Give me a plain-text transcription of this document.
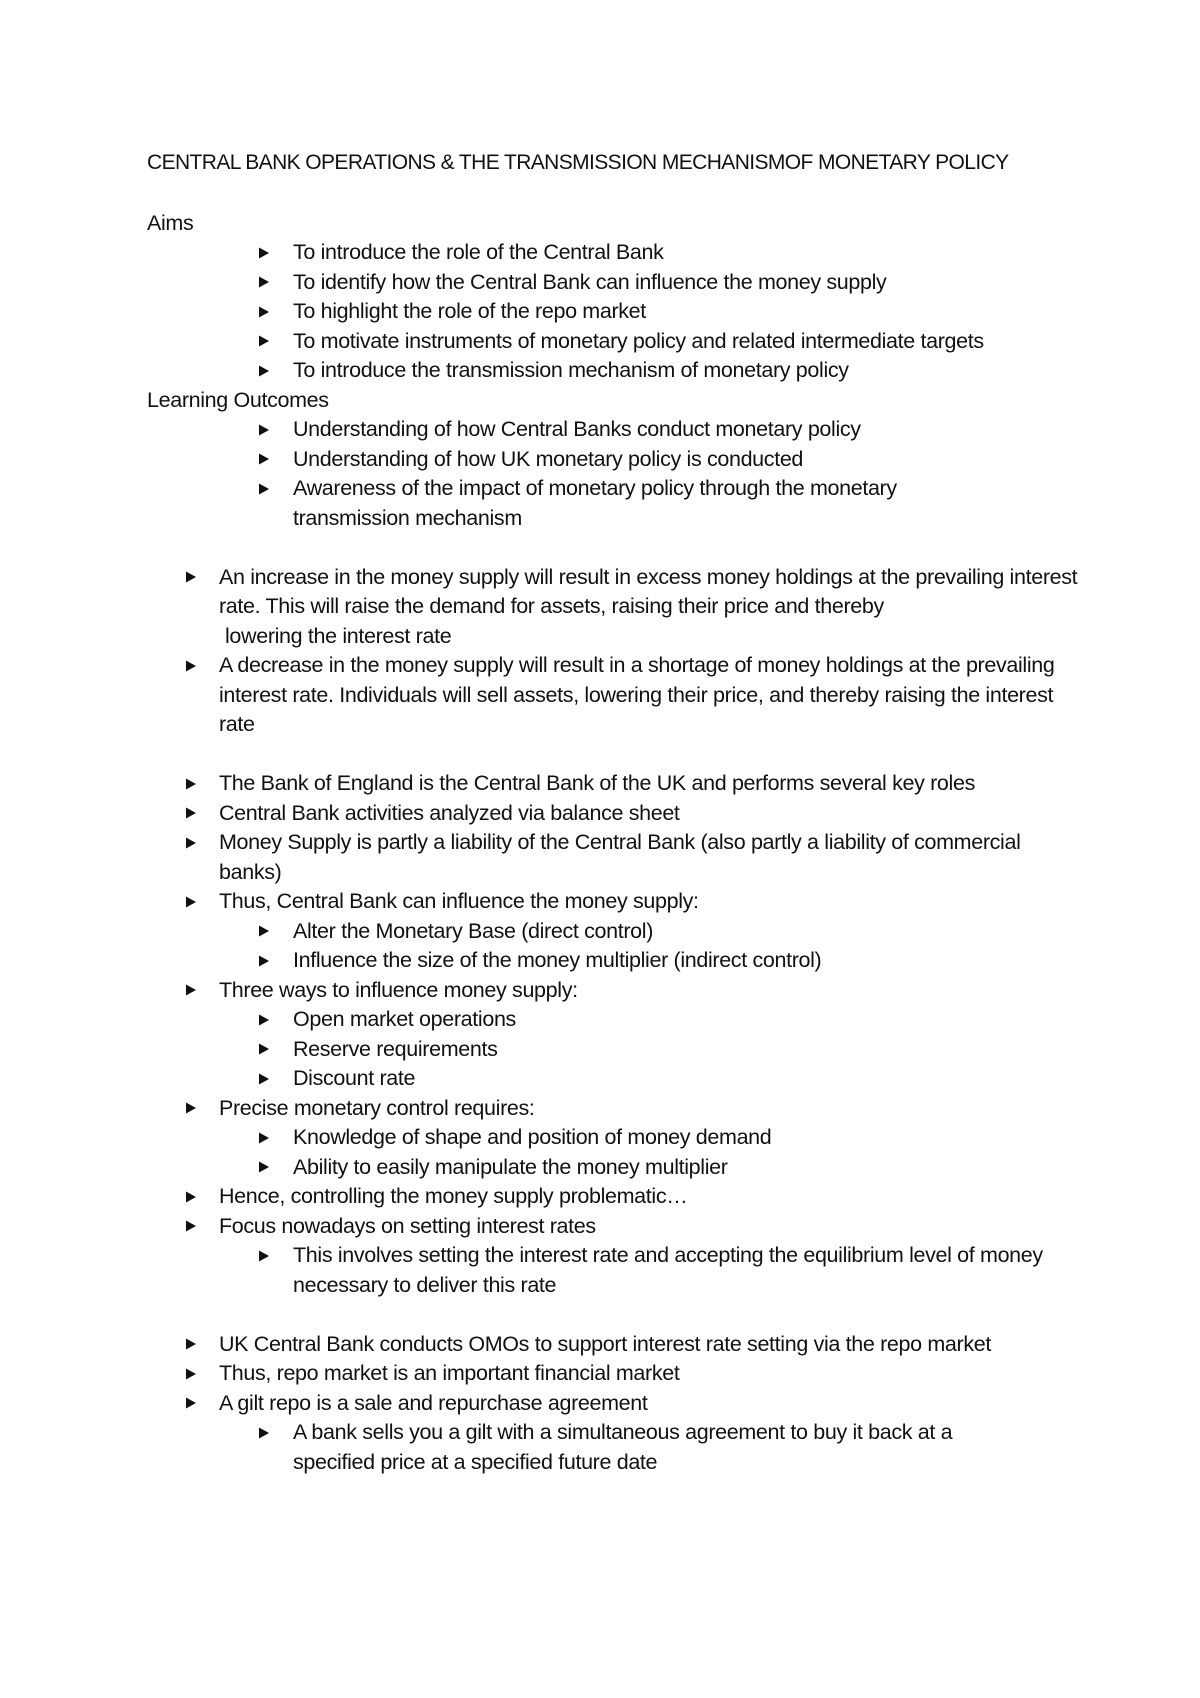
CENTRAL BANK OPERATIONS & THE TRANSMISSION MECHANISMOF MONETARY POLICY

Aims

To introduce the role of the Central Bank
To identify how the Central Bank can influence the money supply
To highlight the role of the repo market
To motivate instruments of monetary policy and related intermediate targets
To introduce the transmission mechanism of monetary policy

Learning Outcomes

Understanding of how Central Banks conduct monetary policy
Understanding of how UK monetary policy is conducted
Awareness of the impact of monetary policy through the monetary transmission mechanism
An increase in the money supply will result in excess money holdings at the prevailing interest rate. This will raise the demand for assets, raising their price and thereby
lowering the interest rate
A decrease in the money supply will result in a shortage of money holdings at the prevailing interest rate. Individuals will sell assets, lowering their price, and thereby raising the interest rate
The Bank of England is the Central Bank of the UK and performs several key roles
Central Bank activities analyzed via balance sheet
Money Supply is partly a liability of the Central Bank (also partly a liability of commercial banks)
Thus, Central Bank can influence the money supply:
Alter the Monetary Base (direct control)
Influence the size of the money multiplier (indirect control)
Three ways to influence money supply:
Open market operations
Reserve requirements
Discount rate
Precise monetary control requires:
Knowledge of shape and position of money demand
Ability to easily manipulate the money multiplier
Hence, controlling the money supply problematic…
Focus nowadays on setting interest rates
This involves setting the interest rate and accepting the equilibrium level of money necessary to deliver this rate
UK Central Bank conducts OMOs to support interest rate setting via the repo market
Thus, repo market is an important financial market
A gilt repo is a sale and repurchase agreement
A bank sells you a gilt with a simultaneous agreement to buy it back at a specified price at a specified future date
